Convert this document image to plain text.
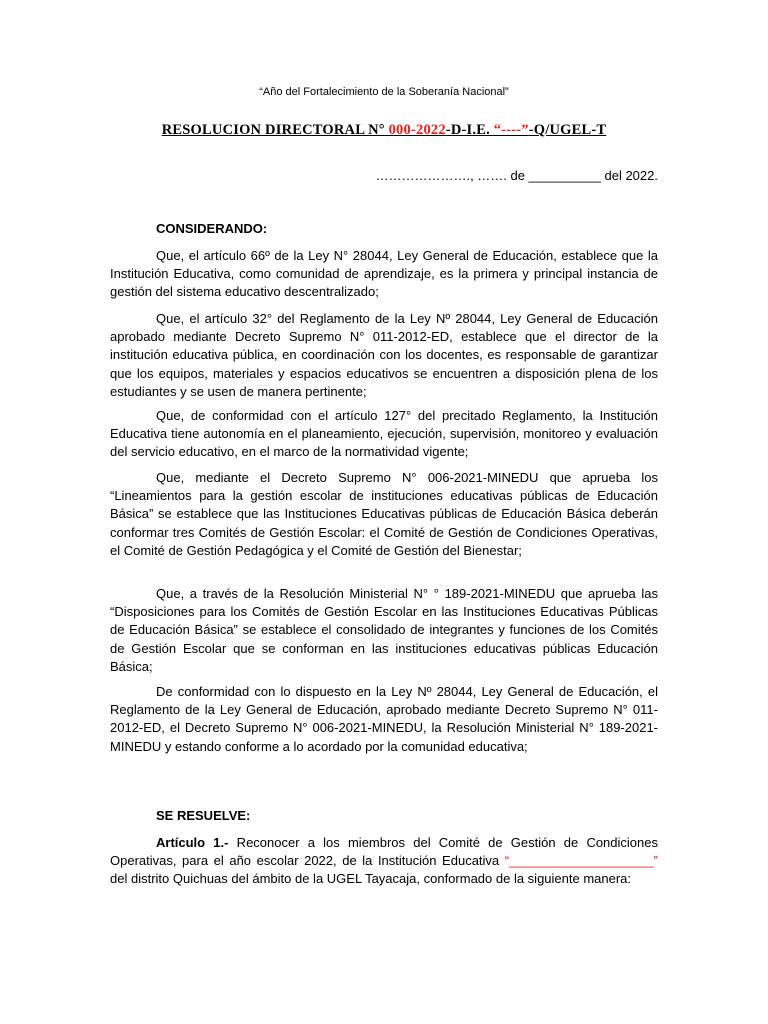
“Año del Fortalecimiento de la Soberanía Nacional”
RESOLUCION DIRECTORAL N° 000-2022-D-I.E. “----”-Q/UGEL-T
…………………., ……. de __________ del 2022.
CONSIDERANDO:
Que, el artículo 66º de la Ley N° 28044, Ley General de Educación, establece que la Institución Educativa, como comunidad de aprendizaje, es la primera y principal instancia de gestión del sistema educativo descentralizado;
Que, el artículo 32° del Reglamento de la Ley Nº 28044, Ley General de Educación aprobado mediante Decreto Supremo N° 011-2012-ED, establece que el director de la institución educativa pública, en coordinación con los docentes, es responsable de garantizar que los equipos, materiales y espacios educativos se encuentren a disposición plena de los estudiantes y se usen de manera pertinente;
Que, de conformidad con el artículo 127° del precitado Reglamento, la Institución Educativa tiene autonomía en el planeamiento, ejecución, supervisión, monitoreo y evaluación del servicio educativo, en el marco de la normatividad vigente;
Que, mediante el Decreto Supremo N° 006-2021-MINEDU que aprueba los “Lineamientos para la gestión escolar de instituciones educativas públicas de Educación Básica” se establece que las Instituciones Educativas públicas de Educación Básica deberán conformar tres Comités de Gestión Escolar: el Comité de Gestión de Condiciones Operativas, el Comité de Gestión Pedagógica y el Comité de Gestión del Bienestar;
Que, a través de la Resolución Ministerial N° ° 189-2021-MINEDU que aprueba las “Disposiciones para los Comités de Gestión Escolar en las Instituciones Educativas Públicas de Educación Básica” se establece el consolidado de integrantes y funciones de los Comités de Gestión Escolar que se conforman en las instituciones educativas públicas Educación Básica;
De conformidad con lo dispuesto en la Ley Nº 28044, Ley General de Educación, el Reglamento de la Ley General de Educación, aprobado mediante Decreto Supremo N° 011- 2012-ED, el Decreto Supremo N° 006-2021-MINEDU, la Resolución Ministerial N° 189-2021- MINEDU y estando conforme a lo acordado por la comunidad educativa;
SE RESUELVE:
Artículo 1.- Reconocer a los miembros del Comité de Gestión de Condiciones Operativas, para el año escolar 2022, de la Institución Educativa “____________________” del distrito Quichuas del ámbito de la UGEL Tayacaja, conformado de la siguiente manera:
